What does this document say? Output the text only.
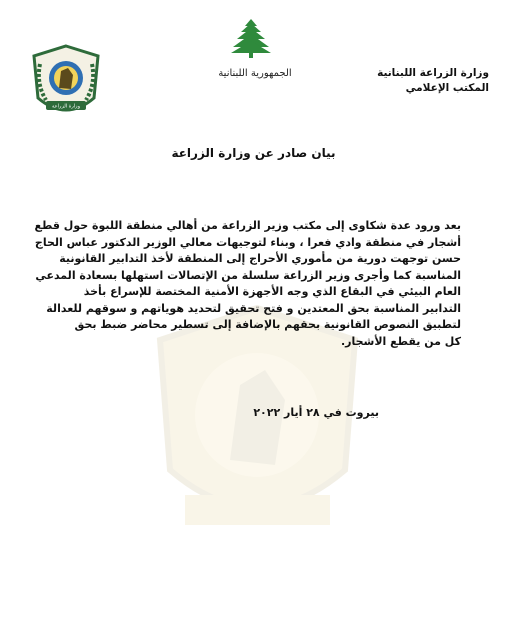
الجمهورية اللبنانية	وزارة الزراعة اللبنانية
المكتب الإعلامي
وزارة الزراعة
بيان صادر عن وزارة الزراعة

بعد ورود عدة شكاوى إلى مكتب وزير الزراعة من أهالي منطقة اللبوة حول قطع

أشجار في منطقة وادي فعرا ، وبناء لتوجيهات معالي الوزير الدكتور عباس الحاج

حسن توجهت دورية من مأموري الأحراج إلى المنطقة لأخذ التدابير القانونية

المناسبة كما وأجرى وزير الزراعة سلسلة من الإتصالات استهلها بسعادة المدعي

العام البيئي في البقاع الذي وجه الأجهزة الأمنية المختصة للإسراع بأخذ

التدابير المناسبة بحق المعتدين و فتح تحقيق لتحديد هوياتهم و سوقهم للعدالة

لتطبيق النصوص القانونية بحقهم بالإضافة إلى تسطير محاضر ضبط بحق

كل من يقطع الأشجار.

بيروت في ٢٨ أيار ٢٠٢٢
